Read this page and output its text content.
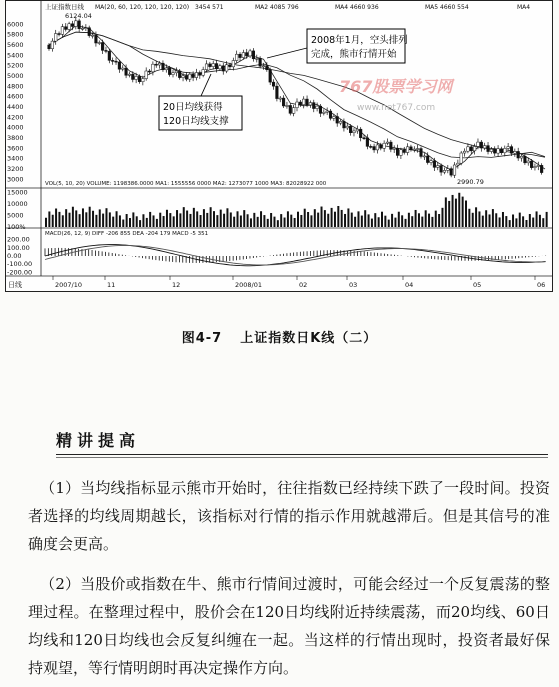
上证指数日线 MA(20, 60, 120, 120, 120, 120) 3454 571	MA2 4085 796	MA4 4660 936	MA5 4660 554	MA4
6000
5800
5600
5400
5200
5000
4800
4600
4400
4200
4000
3800
3600
3400
3200
3000
6124.04
2990.79
767股票学习网
www.net767.com
2008年1月，空头排列
完成，熊市行情开始
20日均线获得
120日均线支撑
VOL(5, 10, 20) VOLUME: 1198386.0000 MA1: 1555556 0000 MA2: 1273077 1000 MA3: 82028922 000
15000
10000
5000
100%
MACD(26, 12, 9) DIFF -206 855 DEA -204 179 MACD -5 351
200.00
100.00
0.00
-100.00
-200.00
日线	2007/10	11	12	2008/01	02	03	04	05	06
图4-7 上证指数日K线（二）
精讲提高
（1）当均线指标显示熊市开始时，往往指数已经持续下跌了一段时间。投资者选择的均线周期越长，该指标对行情的指示作用就越滞后。但是其信号的准确度会更高。
（2）当股价或指数在牛、熊市行情间过渡时，可能会经过一个反复震荡的整理过程。在整理过程中，股价会在120日均线附近持续震荡，而20均线、60日均线和120日均线也会反复纠缠在一起。当这样的行情出现时，投资者最好保持观望，等行情明朗时再决定操作方向。
